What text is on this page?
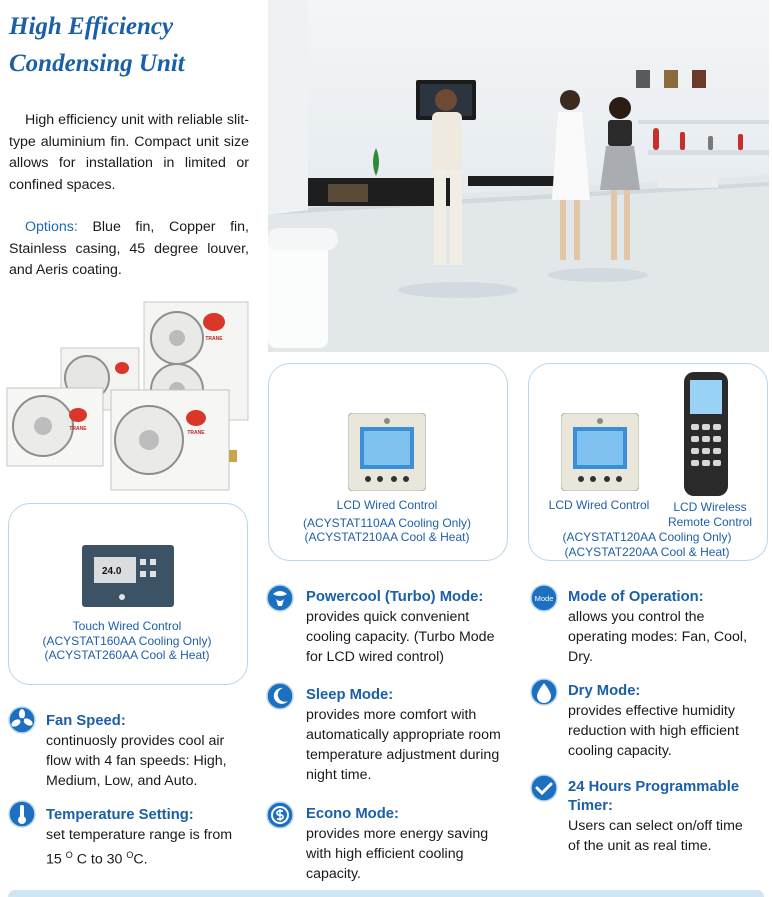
High Efficiency
Condensing Unit

High efficiency unit with reliable slit-type aluminium fin. Compact unit size allows for installation in limited or confined spaces.

Options: Blue fin, Copper fin, Stainless casing, 45 degree louver, and Aeris coating.

TRANE
TRANE
TRANE
24.0
Touch Wired Control
(ACYSTAT160AA Cooling Only)
(ACYSTAT260AA Cool & Heat)
LCD Wired Control
(ACYSTAT110AA Cooling Only)
(ACYSTAT210AA Cool & Heat)
LCD Wired Control	LCD Wireless
Remote Control
(ACYSTAT120AA Cooling Only)
(ACYSTAT220AA Cool & Heat)
Fan Speed:
continuosly provides cool air
flow with 4 fan speeds: High,
Medium, Low, and Auto.
Temperature Setting:
set temperature range is from
15 $^O$ C to 30 $^O$C.
Powercool (Turbo) Mode:
provides quick convenient
cooling capacity. (Turbo Mode
for LCD wired control)
Sleep Mode:
provides more comfort with
automatically appropriate room
temperature adjustment during
night time.
Econo Mode:
provides more energy saving
with high efficient cooling
capacity.
Mode Mode of Operation:
allows you control the
operating modes: Fan, Cool,
Dry.
Dry Mode:
provides effective humidity
reduction with high efficient
cooling capacity.
24 Hours Programmable
Timer:
Users can select on/off time
of the unit as real time.
